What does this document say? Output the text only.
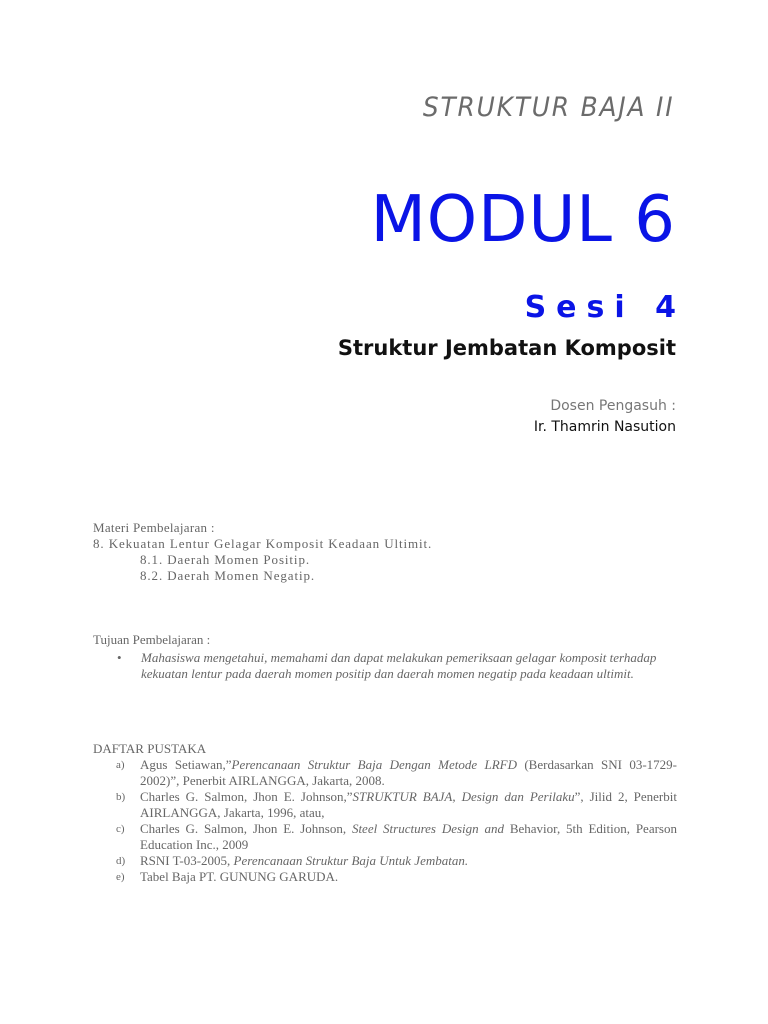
STRUKTUR BAJA II
MODUL 6
Sesi 4
Struktur Jembatan Komposit
Dosen Pengasuh :
Ir. Thamrin Nasution
Materi Pembelajaran :
8. Kekuatan Lentur Gelagar Komposit Keadaan Ultimit.
8.1. Daerah Momen Positip.
8.2. Daerah Momen Negatip.
Tujuan Pembelajaran :
• Mahasiswa mengetahui, memahami dan dapat melakukan pemeriksaan gelagar komposit terhadap kekuatan lentur pada daerah momen positip dan daerah momen negatip pada keadaan ultimit.
DAFTAR PUSTAKA
a) Agus Setiawan,”Perencanaan Struktur Baja Dengan Metode LRFD (Berdasarkan SNI 03-1729-2002)”, Penerbit AIRLANGGA, Jakarta, 2008.
b) Charles G. Salmon, Jhon E. Johnson,”STRUKTUR BAJA, Design dan Perilaku”, Jilid 2, Penerbit AIRLANGGA, Jakarta, 1996, atau,
c) Charles G. Salmon, Jhon E. Johnson, Steel Structures Design and Behavior, 5th Edition, Pearson Education Inc., 2009
d) RSNI T-03-2005, Perencanaan Struktur Baja Untuk Jembatan.
e) Tabel Baja PT. GUNUNG GARUDA.
